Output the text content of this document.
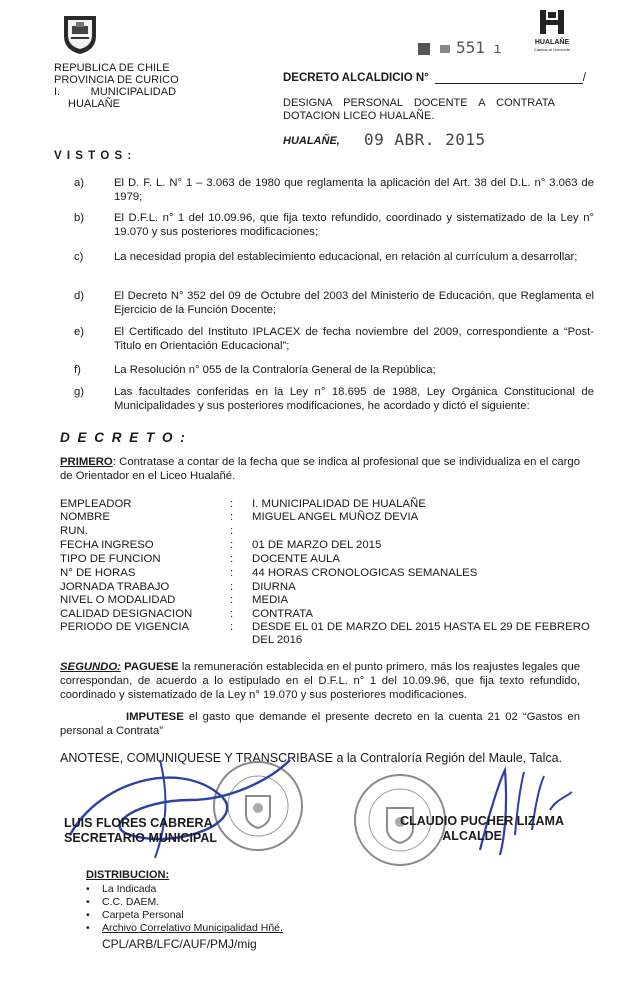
REPUBLICA DE CHILE
PROVINCIA DE CURICO
I.          MUNICIPALIDAD
HUALAÑE
HUALAÑE
Camina al Horizonte
551 ı
DECRETO ALCALDICIO N°	/
DESIGNA PERSONAL DOCENTE A CONTRATA DOTACION LICEO HUALAÑE.
HUALAÑE, 09 ABR. 2015
V I S T O S :
a)	El D. F. L. N° 1 – 3.063 de 1980 que reglamenta la aplicación del Art. 38 del D.L. n° 3.063 de 1979;
b)	El D.F.L. n° 1 del 10.09.96, que fija texto refundido, coordinado y sistematizado de la Ley n° 19.070 y sus posteriores modificaciones;
c)	La necesidad propia del establecimiento educacional, en relación al currículum a desarrollar;
d)	El Decreto N° 352 del 09 de Octubre del 2003 del Ministerio de Educación, que Reglamenta el Ejercicio de la Función Docente;
e)	El Certificado del Instituto IPLACEX de fecha noviembre del 2009, correspondiente a “Post-Titulo en Orientación Educacional”;
f)	La Resolución n° 055 de la Contraloría General de la República;
g)	Las facultades conferidas en la Ley n° 18.695 de 1988, Ley Orgánica Constitucional de Municipalidades y sus posteriores modificaciones, he acordado y dictó el siguiente:
D E C R E T O :
PRIMERO: Contratase a contar de la fecha que se indica al profesional que se individualiza en el cargo de Orientador en el Liceo Hualañé.
EMPLEADOR	:	I. MUNICIPALIDAD DE HUALAÑE
NOMBRE	:	MIGUEL ANGEL MUÑOZ DEVIA
RUN.	:
FECHA INGRESO	:	01 DE MARZO DEL 2015
TIPO DE FUNCION	:	DOCENTE AULA
N° DE HORAS	:	44 HORAS CRONOLOGICAS SEMANALES
JORNADA TRABAJO	:	DIURNA
NIVEL O MODALIDAD	:	MEDIA
CALIDAD DESIGNACION	:	CONTRATA
PERIODO DE VIGENCIA	:	DESDE EL 01 DE MARZO DEL 2015 HASTA EL 29 DE FEBRERO DEL 2016
SEGUNDO: PAGUESE la remuneración establecida en el punto primero, más los reajustes legales que correspondan, de acuerdo a lo estipulado en el D.F.L. n° 1 del 10.09.96, que fija texto refundido, coordinado y sistematizado de la Ley n° 19.070 y sus posteriores modificaciones.
IMPUTESE el gasto que demande el presente decreto en la cuenta 21 02 “Gastos en personal a Contrata”
ANOTESE, COMUNIQUESE Y TRANSCRIBASE a la Contraloría Región del Maule, Talca.
LUIS FLORES CABRERA
SECRETARIO MUNICIPAL
CLAUDIO PUCHER LIZAMA
ALCALDE
DISTRIBUCION:
• La Indicada
• C.C. DAEM.
• Carpeta Personal
• Archivo Correlativo Municipalidad Hñé.
CPL/ARB/LFC/AUF/PMJ/mig
